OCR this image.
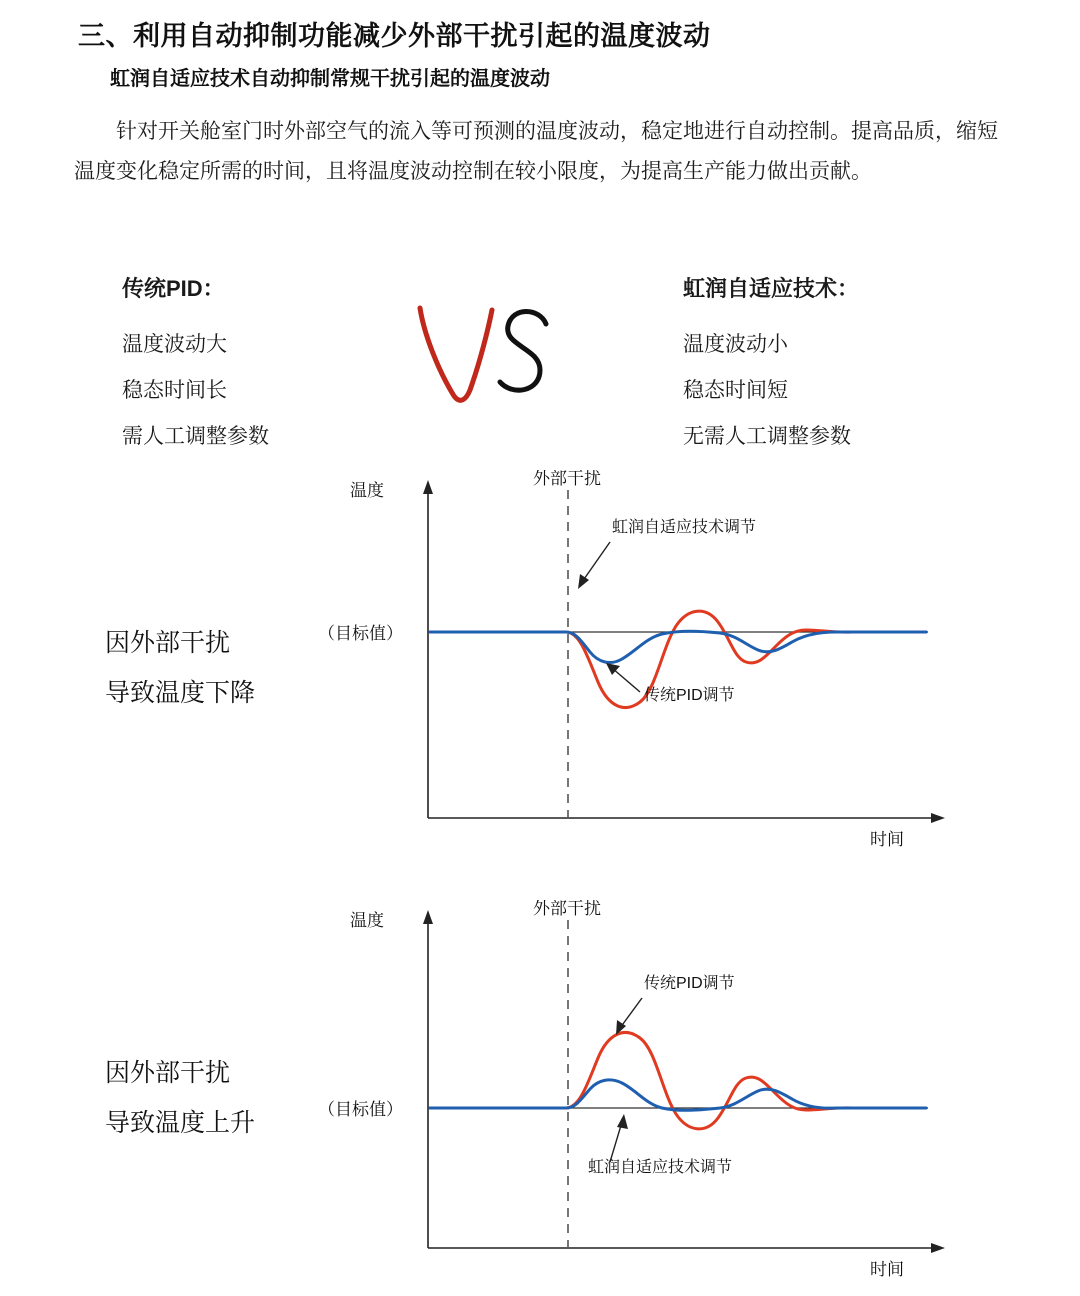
三、利用自动抑制功能减少外部干扰引起的温度波动
虹润自适应技术自动抑制常规干扰引起的温度波动
针对开关舱室门时外部空气的流入等可预测的温度波动，稳定地进行自动控制。提高品质，缩短温度变化稳定所需的时间，且将温度波动控制在较小限度，为提高生产能力做出贡献。
传统PID：
温度波动大
稳态时间长
需人工调整参数
虹润自适应技术：
温度波动小
稳态时间短
无需人工调整参数
因外部干扰
导致温度下降
温度
时间
外部干扰
（目标值）
虹润自适应技术调节
传统PID调节
因外部干扰
导致温度上升
温度
时间
外部干扰
（目标值）
传统PID调节
虹润自适应技术调节
